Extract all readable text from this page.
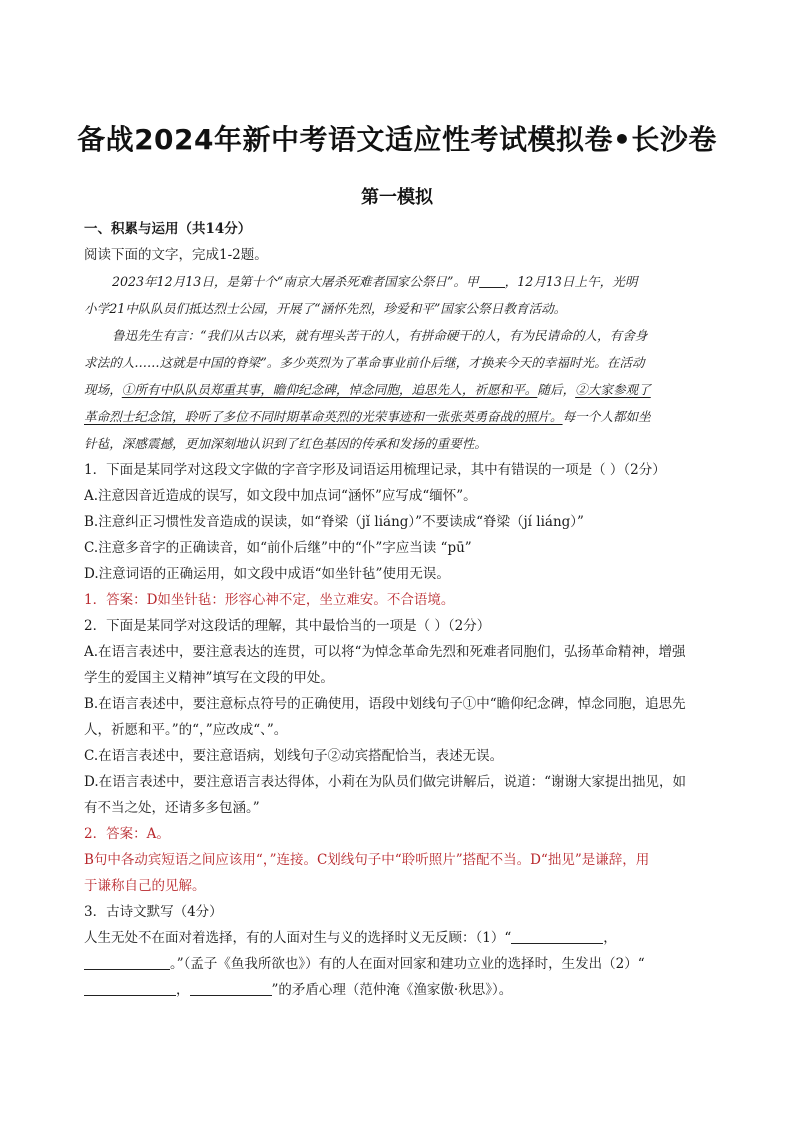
备战2024年新中考语文适应性考试模拟卷•长沙卷
第一模拟
一、积累与运用（共14分）
阅读下面的文字，完成1-2题。
2023年12月13日，是第十个“南京大屠杀死难者国家公祭日”。甲 ，12月13日上午，光明
小学21中队队员们抵达烈士公园，开展了“涵怀先烈，珍爱和平”国家公祭日教育活动。
鲁迅先生有言：“我们从古以来，就有埋头苦干的人，有拼命硬干的人，有为民请命的人，有舍身
求法的人……这就是中国的脊梁”。多少英烈为了革命事业前仆后继，才换来今天的幸福时光。在活动
现场，①所有中队队员郑重其事，瞻仰纪念碑，悼念同胞，追思先人，祈愿和平。随后，②大家参观了
革命烈士纪念馆，聆听了多位不同时期革命英烈的光荣事迹和一张张英勇奋战的照片。每一个人都如坐
针毡，深感震撼，更加深刻地认识到了红色基因的传承和发扬的重要性。
1．下面是某同学对这段文字做的字音字形及词语运用梳理记录，其中有错误的一项是（ ）（2分）
A.注意因音近造成的误写，如文段中加点词“涵怀”应写成“缅怀”。
B.注意纠正习惯性发音造成的误读，如“脊梁（jǐ liáng）”不要读成“脊梁（jí liáng）”
C.注意多音字的正确读音，如“前仆后继”中的“仆”字应当读 “pū”
D.注意词语的正确运用，如文段中成语“如坐针毡”使用无误。
1．答案：D如坐针毡：形容心神不定，坐立难安。不合语境。
2．下面是某同学对这段话的理解，其中最恰当的一项是（ ）（2分）
A.在语言表述中，要注意表达的连贯，可以将“为悼念革命先烈和死难者同胞们，弘扬革命精神，增强
学生的爱国主义精神”填写在文段的甲处。
B.在语言表述中，要注意标点符号的正确使用，语段中划线句子①中“瞻仰纪念碑，悼念同胞，追思先
人，祈愿和平。”的“，”应改成“、”。
C.在语言表述中，要注意语病，划线句子②动宾搭配恰当，表述无误。
D.在语言表述中，要注意语言表达得体，小莉在为队员们做完讲解后，说道：“谢谢大家提出拙见，如
有不当之处，还请多多包涵。”
2．答案：A。
B句中各动宾短语之间应该用“，”连接。C划线句子中“聆听照片”搭配不当。D“拙见”是谦辞，用
于谦称自己的见解。
3．古诗文默写（4分）
人生无处不在面对着选择，有的人面对生与义的选择时义无反顾：（1）“	，
。”（孟子《鱼我所欲也》）有的人在面对回家和建功立业的选择时，生发出（2）“
，	”的矛盾心理（范仲淹《渔家傲·秋思》）。
